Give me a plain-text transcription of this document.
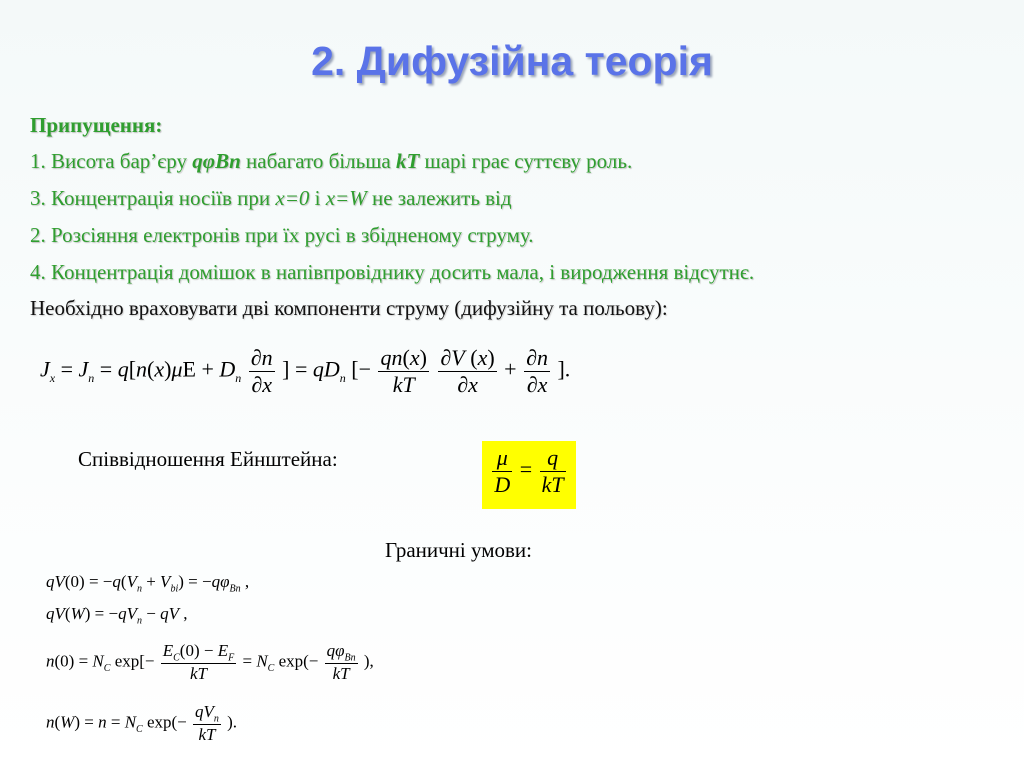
2. Дифузійна теорія
Припущення:
1. Висота бар’єру qφBn набагато більша kT шарі грає суттєву роль.
3. Концентрація носіїв при x=0 і x=W не залежить від
2. Розсіяння електронів при їх русі в збідненому струму.
4. Концентрація домішок в напівпровіднику досить мала, і виродження відсутнє.
Необхідно враховувати дві компоненти струму (дифузійну та польову):
$J_x = J_n = q[n(x)\mu E + D_n \frac{\partial n}{\partial x}$ ] = $qD_n$ [− $\frac{qn(x)}{kT}$
$\frac{\partial V (x)}{\partial x} + \frac{\partial n}{\partial x}$ ].
Співвідношення Ейнштейна:	$\frac{\mu}{D} = \frac{q}{kT}$
Граничні умови:
$qV(0) = -q(V_n + V_{bi}) = -q\varphi_{Bn}$ ,
$qV(W) = -qV_n$ − qV ,
$n(0) = N_C$ $\exp[- \frac{E_C(0) - E_F}{kT} = N_C$ $\exp(- \frac{q\varphi_{Bn}}{kT}$ ),
$n(W) = n = N_C$ $\exp(- \frac{qV_n}{kT}$ ).
